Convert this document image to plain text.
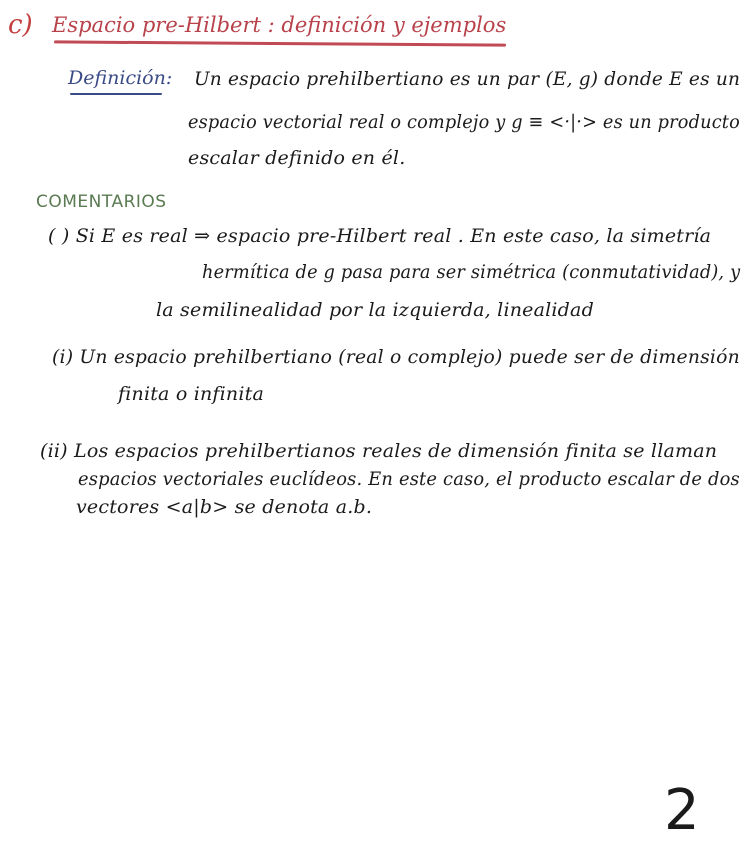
c) Espacio pre-Hilbert : definición y ejemplos
Definición: Un espacio prehilbertiano es un par (E, g) donde E es un
espacio vectorial real o complejo y g ≡ <·|·> es un producto
escalar definido en él.
COMENTARIOS
( ) Si E es real ⇒ espacio pre-Hilbert real . En este caso, la simetría
hermítica de g pasa para ser simétrica (conmutatividad), y
la semilinealidad por la izquierda, linealidad
(i) Un espacio prehilbertiano (real o complejo) puede ser de dimensión
finita o infinita
(ii) Los espacios prehilbertianos reales de dimensión finita se llaman
espacios vectoriales euclídeos. En este caso, el producto escalar de dos
vectores <a|b> se denota a.b.
2
